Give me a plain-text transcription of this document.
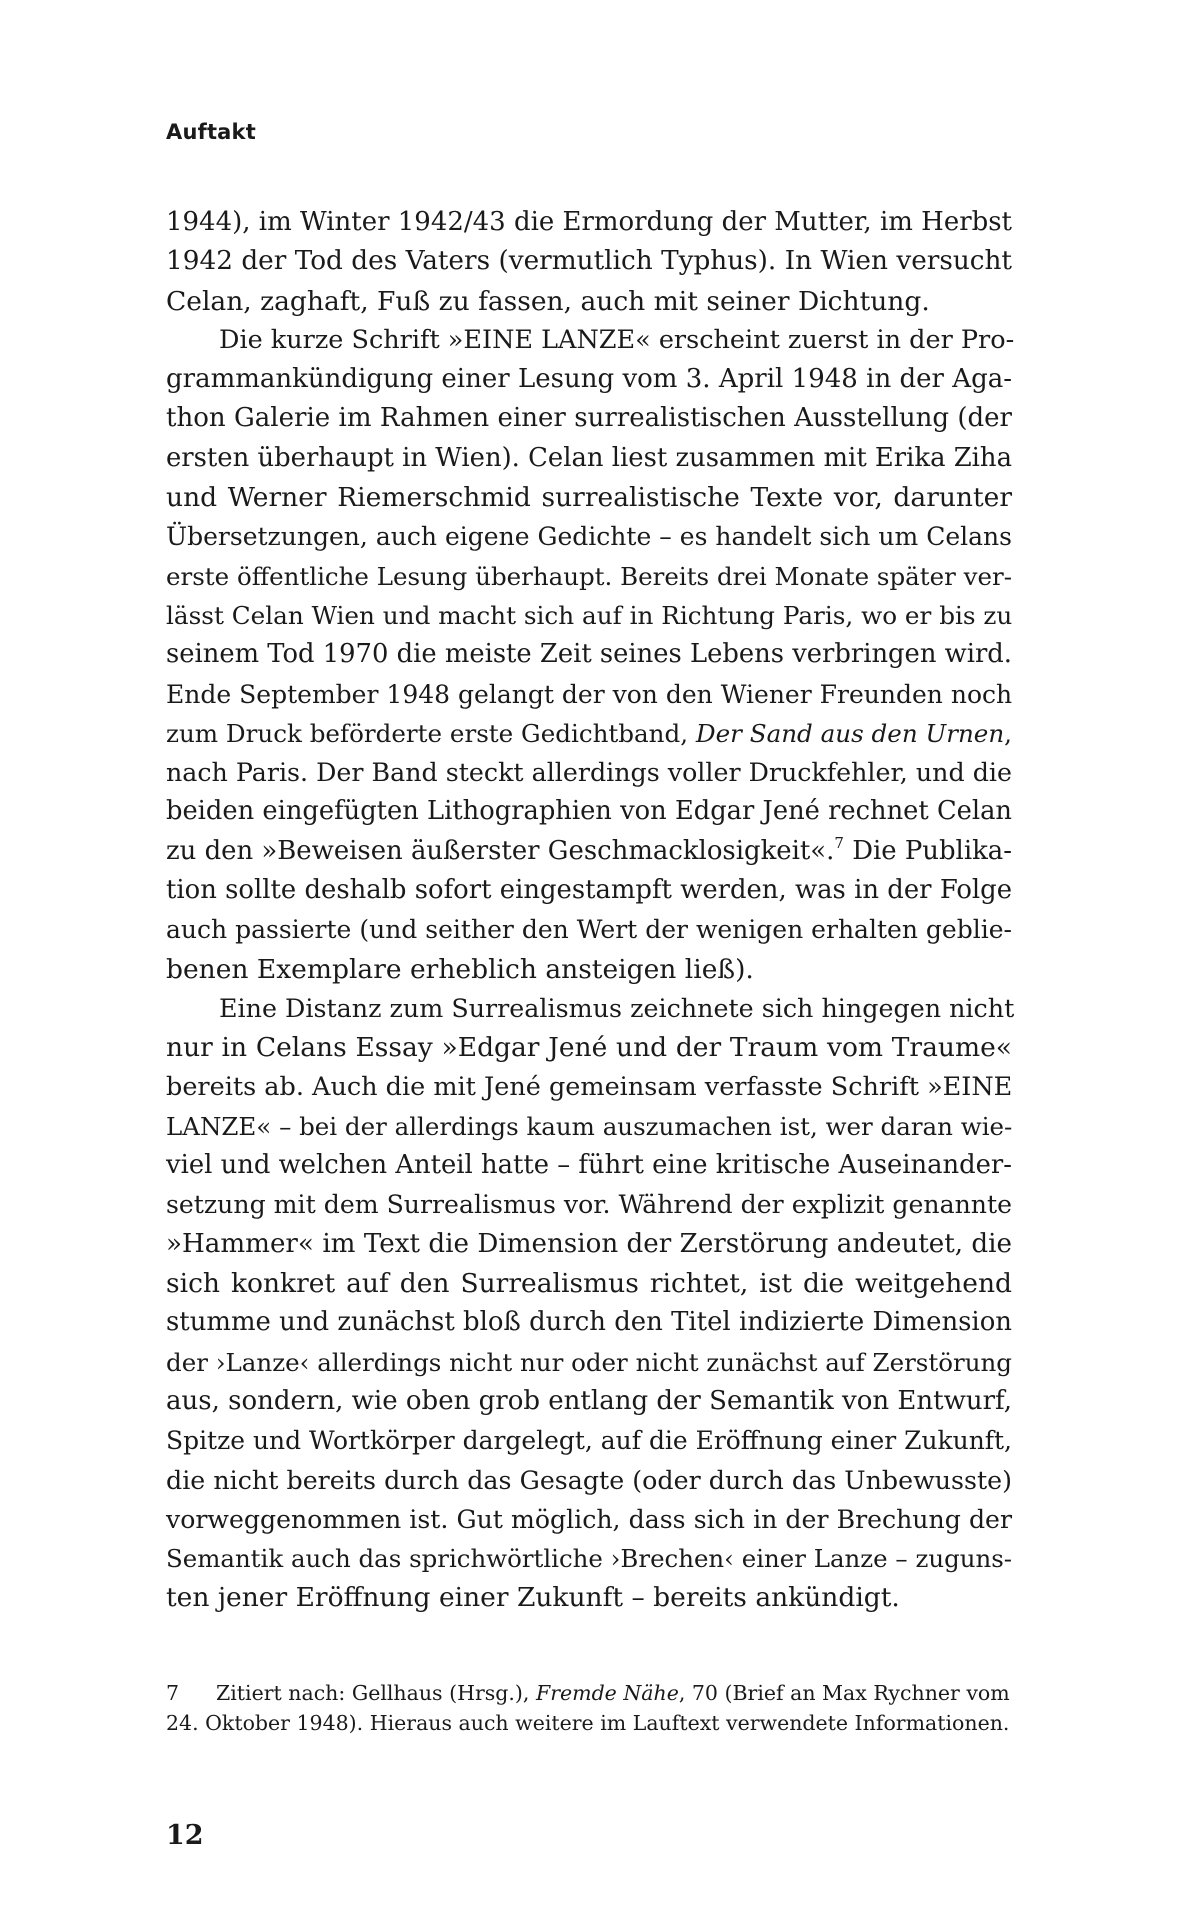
Auftakt
1944), im Winter 1942/43 die Ermordung der Mutter, im Herbst
1942 der Tod des Vaters (vermutlich Typhus). In Wien versucht
Celan, zaghaft, Fuß zu fassen, auch mit seiner Dichtung.
Die kurze Schrift »EINE LANZE« erscheint zuerst in der Pro-
grammankündigung einer Lesung vom 3. April 1948 in der Aga-
thon Galerie im Rahmen einer surrealistischen Ausstellung (der
ersten überhaupt in Wien). Celan liest zusammen mit Erika Ziha
und Werner Riemerschmid surrealistische Texte vor, darunter
Übersetzungen, auch eigene Gedichte – es handelt sich um Celans
erste öffentliche Lesung überhaupt. Bereits drei Monate später ver-
lässt Celan Wien und macht sich auf in Richtung Paris, wo er bis zu
seinem Tod 1970 die meiste Zeit seines Lebens verbringen wird.
Ende September 1948 gelangt der von den Wiener Freunden noch
zum Druck beförderte erste Gedichtband, Der Sand aus den Urnen,
nach Paris. Der Band steckt allerdings voller Druckfehler, und die
beiden eingefügten Lithographien von Edgar Jené rechnet Celan
zu den »Beweisen äußerster Geschmacklosigkeit«.$^7$ Die Publika-
tion sollte deshalb sofort eingestampft werden, was in der Folge
auch passierte (und seither den Wert der wenigen erhalten geblie-
benen Exemplare erheblich ansteigen ließ).
Eine Distanz zum Surrealismus zeichnete sich hingegen nicht
nur in Celans Essay »Edgar Jené und der Traum vom Traume«
bereits ab. Auch die mit Jené gemeinsam verfasste Schrift »EINE
LANZE« – bei der allerdings kaum auszumachen ist, wer daran wie-
viel und welchen Anteil hatte – führt eine kritische Auseinander-
setzung mit dem Surrealismus vor. Während der explizit genannte
»Hammer« im Text die Dimension der Zerstörung andeutet, die
sich konkret auf den Surrealismus richtet, ist die weitgehend
stumme und zunächst bloß durch den Titel indizierte Dimension
der ›Lanze‹ allerdings nicht nur oder nicht zunächst auf Zerstörung
aus, sondern, wie oben grob entlang der Semantik von Entwurf,
Spitze und Wortkörper dargelegt, auf die Eröffnung einer Zukunft,
die nicht bereits durch das Gesagte (oder durch das Unbewusste)
vorweggenommen ist. Gut möglich, dass sich in der Brechung der
Semantik auch das sprichwörtliche ›Brechen‹ einer Lanze – zuguns-
ten jener Eröffnung einer Zukunft – bereits ankündigt.
7 Zitiert nach: Gellhaus (Hrsg.), Fremde Nähe, 70 (Brief an Max Rychner vom
24. Oktober 1948). Hieraus auch weitere im Lauftext verwendete Informationen.
12
